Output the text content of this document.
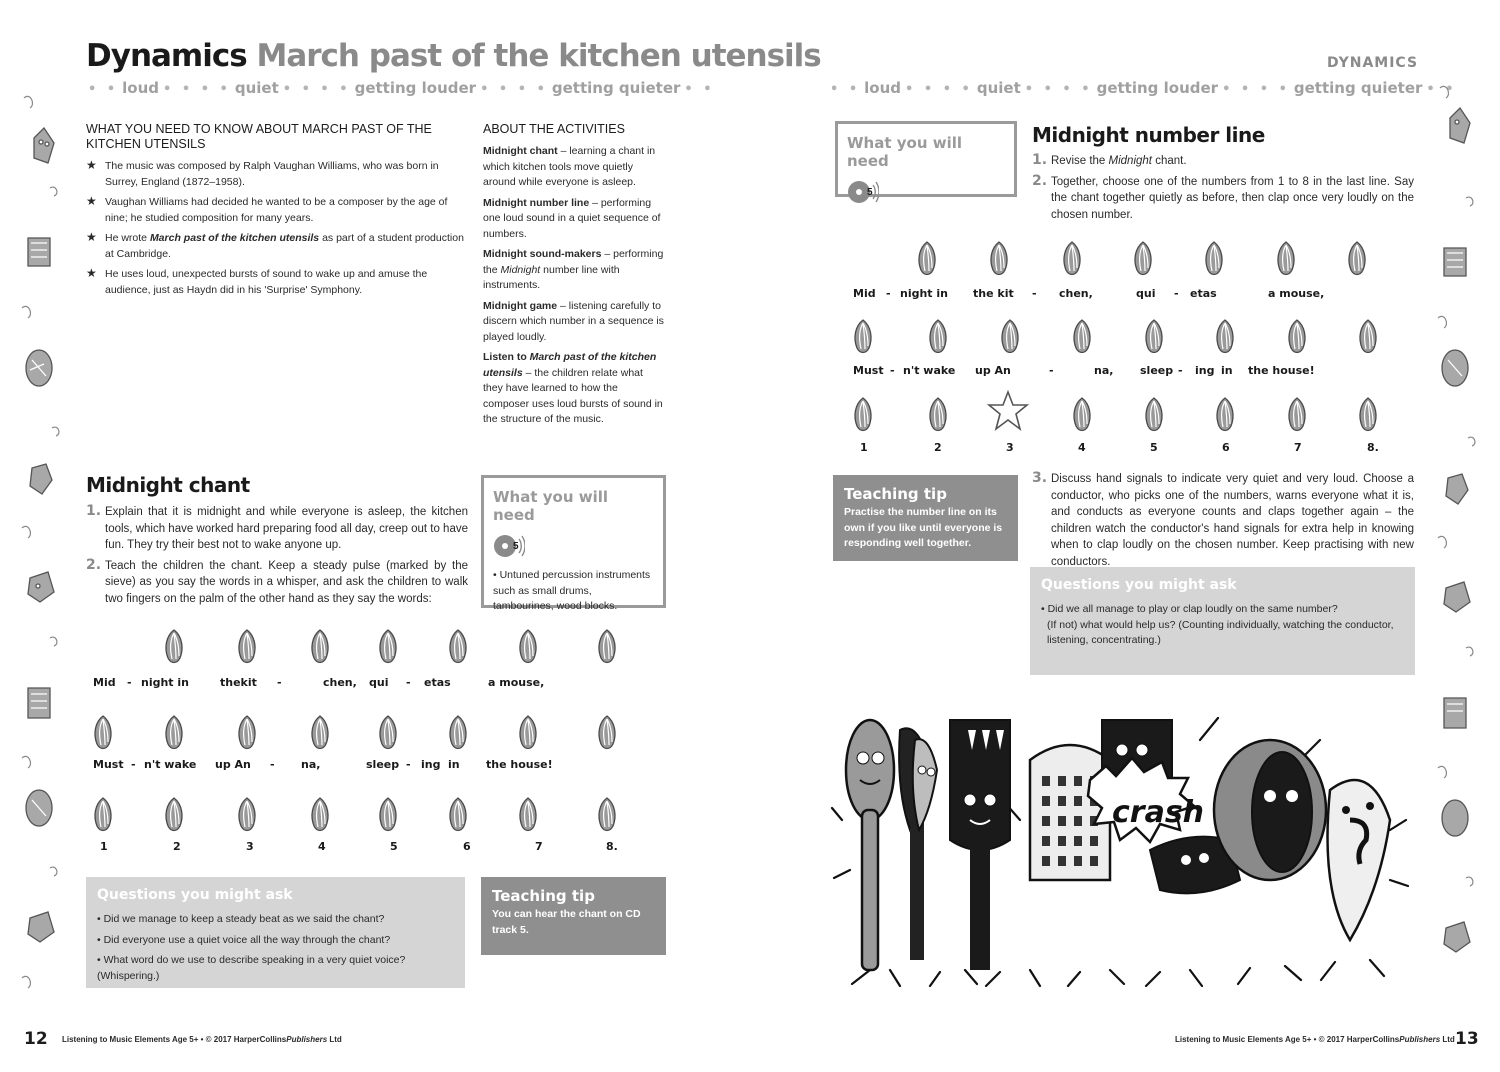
Dynamics March past of the kitchen utensils	DYNAMICS
• • loud • • • • quiet • • • • getting louder • • • • getting quieter • •	• • loud • • • • quiet • • • • getting louder • • • • getting quieter • •
WHAT YOU NEED TO KNOW ABOUT MARCH PAST OF THE
KITCHEN UTENSILS
★ The music was composed by Ralph Vaughan Williams, who was born in Surrey, England (1872–1958).
★ Vaughan Williams had decided he wanted to be a composer by the age of nine; he studied composition for many years.
★ He wrote March past of the kitchen utensils as part of a student production at Cambridge.
★ He uses loud, unexpected bursts of sound to wake up and amuse the audience, just as Haydn did in his 'Surprise' Symphony.
ABOUT THE ACTIVITIES

Midnight chant – learning a chant in which kitchen tools move quietly around while everyone is asleep.

Midnight number line – performing one loud sound in a quiet sequence of numbers.

Midnight sound-makers – performing the Midnight number line with instruments.

Midnight game – listening carefully to discern which number in a sequence is played loudly.

Listen to March past of the kitchen utensils – the children relate what they have learned to how the composer uses loud bursts of sound in the structure of the music.

Midnight chant
1. Explain that it is midnight and while everyone is asleep, the kitchen tools, which have worked hard preparing food all day, creep out to have fun. They try their best not to wake anyone up.
2. Teach the children the chant. Keep a steady pulse (marked by the sieve) as you say the words in a whisper, and ask the children to walk two fingers on the palm of the other hand as they say the words:
What you will need
5
• Untuned percussion instruments such as small drums, tambourines, wood blocks.
Mid - night in	thekit -	chen, qui - etas	a mouse,
Must - n't wake up An - na,	sleep - ing in the house!
1	2	3	4	5	6	7	8.
Questions you might ask
• Did we manage to keep a steady beat as we said the chant?
• Did everyone use a quiet voice all the way through the chant?
• What word do we use to describe speaking in a very quiet voice? (Whispering.)
Teaching tip
You can hear the chant on CD track 5.
12 Listening to Music Elements Age 5+ • © 2017 HarperCollinsPublishers Ltd
What you will need
5
Midnight number line
1. Revise the Midnight chant.
2. Together, choose one of the numbers from 1 to 8 in the last line. Say the chant together quietly as before, then clap once very loudly on the chosen number.
Mid - night in the kit - chen,	qui - etas	a mouse,
Must - n't wake up An	-	na, sleep - ing in the house!
1	2	3	4	5	6	7	8.
Teaching tip
Practise the number line on its own if you like until everyone is responding well together.
3. Discuss hand signals to indicate very quiet and very loud. Choose a conductor, who picks one of the numbers, warns everyone what it is, and conducts as everyone counts and claps together again – the children watch the conductor's hand signals for extra help in knowing when to clap loudly on the chosen number. Keep practising with new conductors.
Questions you might ask
• Did we all manage to play or clap loudly on the same number?
(If not) what would help us? (Counting individually, watching the conductor, listening, concentrating.)
crash
Listening to Music Elements Age 5+ • © 2017 HarperCollinsPublishers Ltd 13
